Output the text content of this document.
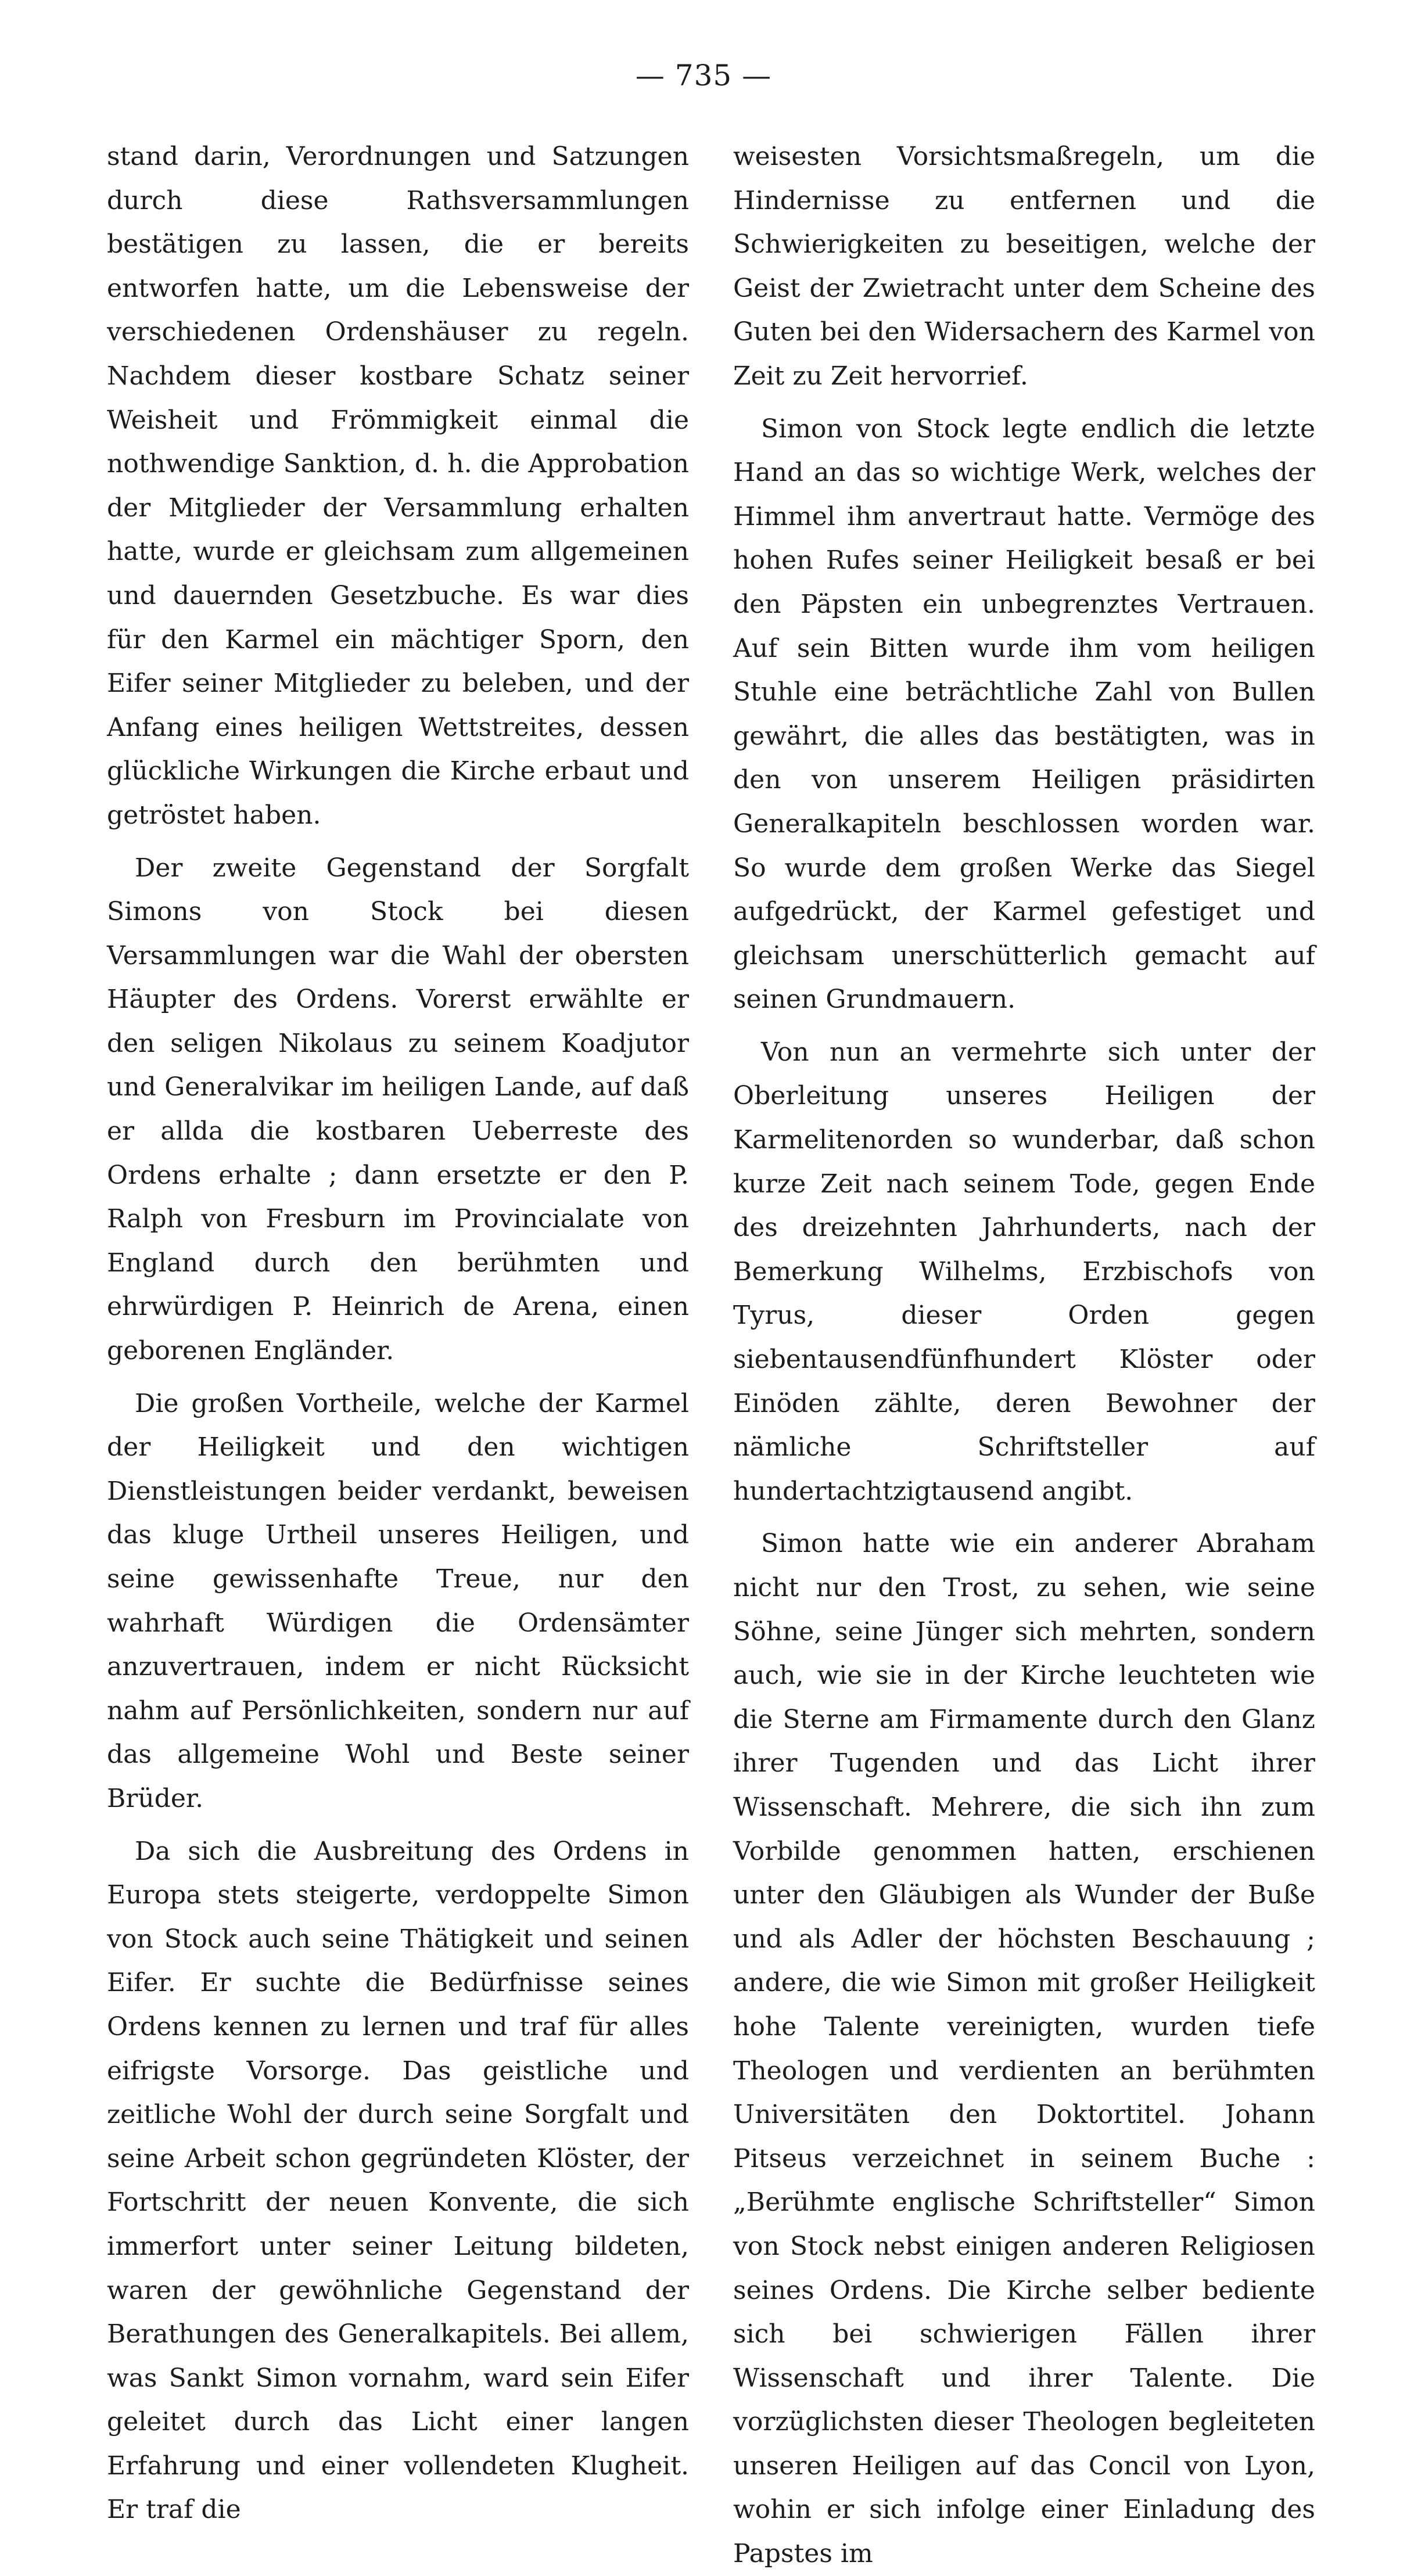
— 735 —

stand darin, Verordnungen und Satzungen durch diese Rathsversammlungen bestätigen zu lassen, die er bereits entworfen hatte, um die Lebensweise der verschiedenen Ordenshäuser zu regeln. Nachdem dieser kostbare Schatz seiner Weisheit und Frömmigkeit einmal die nothwendige Sanktion, d. h. die Approbation der Mitglieder der Versammlung erhalten hatte, wurde er gleichsam zum allgemeinen und dauernden Gesetzbuche. Es war dies für den Karmel ein mächtiger Sporn, den Eifer seiner Mitglieder zu beleben, und der Anfang eines heiligen Wettstreites, dessen glückliche Wirkungen die Kirche erbaut und getröstet haben.

Der zweite Gegenstand der Sorgfalt Simons von Stock bei diesen Versammlungen war die Wahl der obersten Häupter des Ordens. Vorerst erwählte er den seligen Nikolaus zu seinem Koadjutor und Generalvikar im heiligen Lande, auf daß er allda die kostbaren Ueberreste des Ordens erhalte ; dann ersetzte er den P. Ralph von Fresburn im Provincialate von England durch den berühmten und ehrwürdigen P. Heinrich de Arena, einen geborenen Engländer.

Die großen Vortheile, welche der Karmel der Heiligkeit und den wichtigen Dienstleistungen beider verdankt, beweisen das kluge Urtheil unseres Heiligen, und seine gewissenhafte Treue, nur den wahrhaft Würdigen die Ordensämter anzuvertrauen, indem er nicht Rücksicht nahm auf Persönlichkeiten, sondern nur auf das allgemeine Wohl und Beste seiner Brüder.

Da sich die Ausbreitung des Ordens in Europa stets steigerte, verdoppelte Simon von Stock auch seine Thätigkeit und seinen Eifer. Er suchte die Bedürfnisse seines Ordens kennen zu lernen und traf für alles eifrigste Vorsorge. Das geistliche und zeitliche Wohl der durch seine Sorgfalt und seine Arbeit schon gegründeten Klöster, der Fortschritt der neuen Konvente, die sich immerfort unter seiner Leitung bildeten, waren der gewöhnliche Gegenstand der Berathungen des Generalkapitels. Bei allem, was Sankt Simon vornahm, ward sein Eifer geleitet durch das Licht einer langen Erfahrung und einer vollendeten Klugheit. Er traf die

weisesten Vorsichtsmaßregeln, um die Hindernisse zu entfernen und die Schwierigkeiten zu beseitigen, welche der Geist der Zwietracht unter dem Scheine des Guten bei den Widersachern des Karmel von Zeit zu Zeit hervorrief.

Simon von Stock legte endlich die letzte Hand an das so wichtige Werk, welches der Himmel ihm anvertraut hatte. Vermöge des hohen Rufes seiner Heiligkeit besaß er bei den Päpsten ein unbegrenztes Vertrauen. Auf sein Bitten wurde ihm vom heiligen Stuhle eine beträchtliche Zahl von Bullen gewährt, die alles das bestätigten, was in den von unserem Heiligen präsidirten Generalkapiteln beschlossen worden war. So wurde dem großen Werke das Siegel aufgedrückt, der Karmel gefestiget und gleichsam unerschütterlich gemacht auf seinen Grundmauern.

Von nun an vermehrte sich unter der Oberleitung unseres Heiligen der Karmelitenorden so wunderbar, daß schon kurze Zeit nach seinem Tode, gegen Ende des dreizehnten Jahrhunderts, nach der Bemerkung Wilhelms, Erzbischofs von Tyrus, dieser Orden gegen siebentausendfünfhundert Klöster oder Einöden zählte, deren Bewohner der nämliche Schriftsteller auf hundertachtzigtausend angibt.

Simon hatte wie ein anderer Abraham nicht nur den Trost, zu sehen, wie seine Söhne, seine Jünger sich mehrten, sondern auch, wie sie in der Kirche leuchteten wie die Sterne am Firmamente durch den Glanz ihrer Tugenden und das Licht ihrer Wissenschaft. Mehrere, die sich ihn zum Vorbilde genommen hatten, erschienen unter den Gläubigen als Wunder der Buße und als Adler der höchsten Beschauung ; andere, die wie Simon mit großer Heiligkeit hohe Talente vereinigten, wurden tiefe Theologen und verdienten an berühmten Universitäten den Doktortitel. Johann Pitseus verzeichnet in seinem Buche : „Berühmte englische Schriftsteller“ Simon von Stock nebst einigen anderen Religiosen seines Ordens. Die Kirche selber bediente sich bei schwierigen Fällen ihrer Wissenschaft und ihrer Talente. Die vorzüglichsten dieser Theologen begleiteten unseren Heiligen auf das Concil von Lyon, wohin er sich infolge einer Einladung des Papstes im
